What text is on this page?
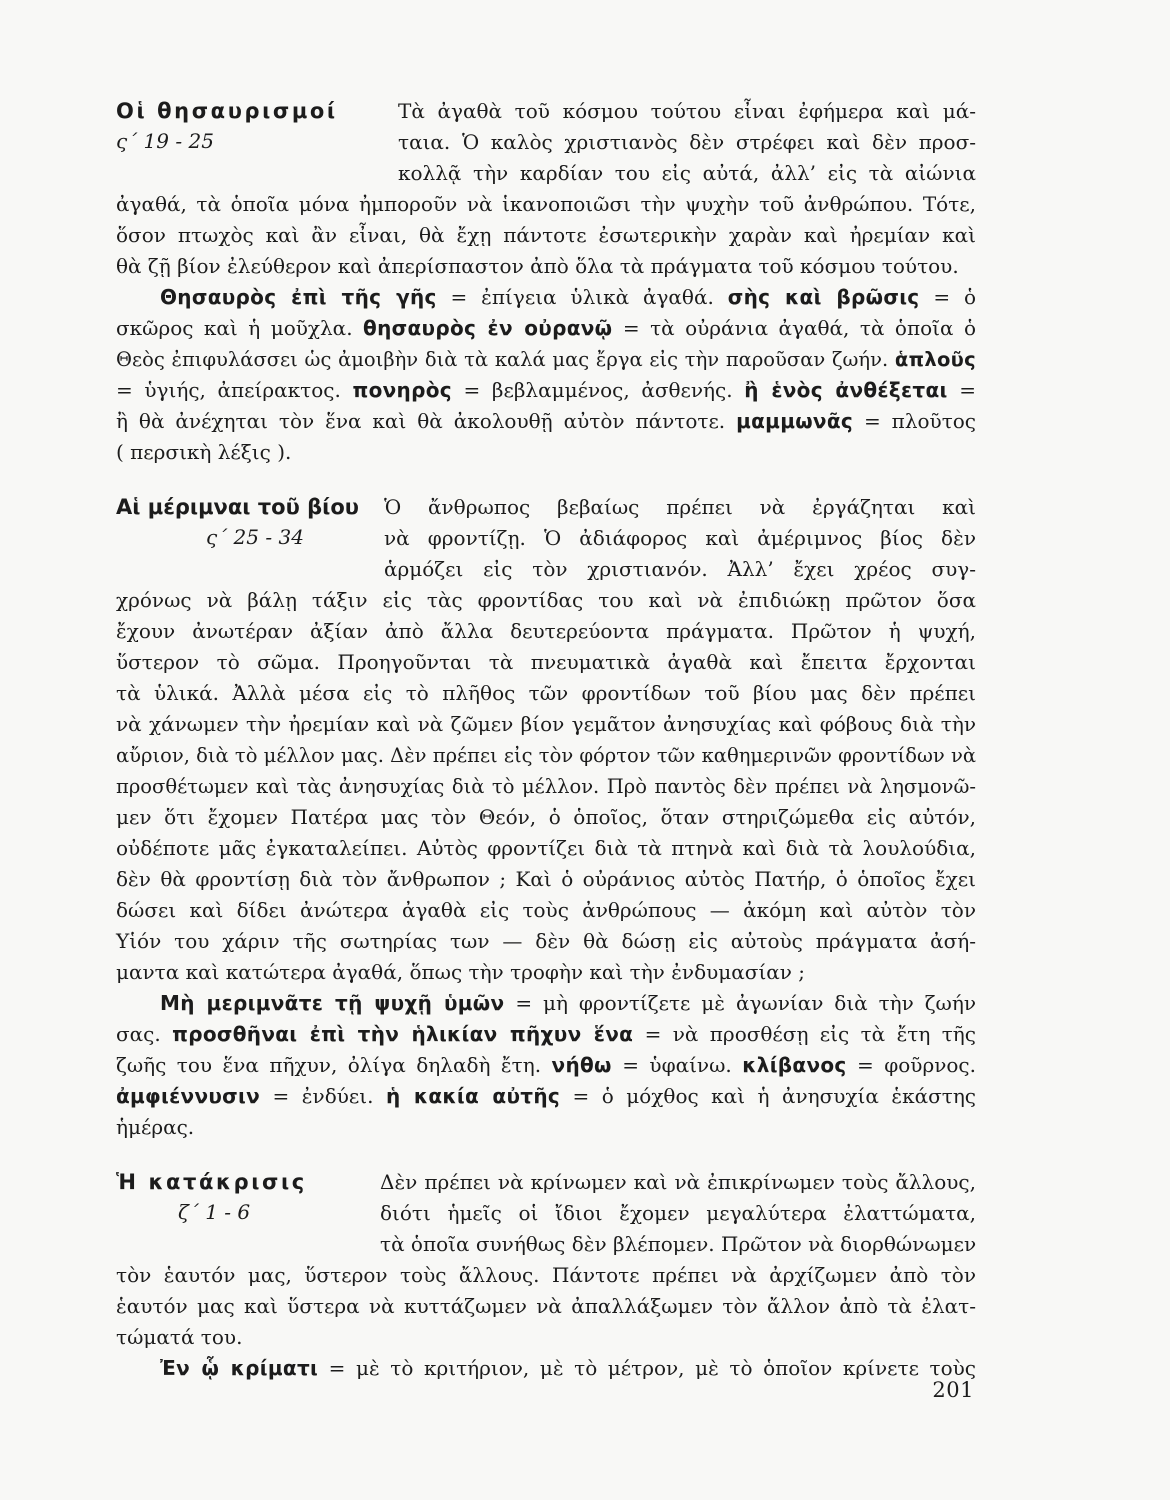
Οἱ θησαυρισμοί
ς΄ 19 - 25
Τὰ ἀγαθὰ τοῦ κόσμου τούτου εἶναι ἐφήμερα καὶ μά-
ταια. Ὁ καλὸς χριστιανὸς δὲν στρέφει καὶ δὲν προσ-
κολλᾷ τὴν καρδίαν του εἰς αὐτά, ἀλλ’ εἰς τὰ αἰώνια
ἀγαθά, τὰ ὁποῖα μόνα ἠμποροῦν νὰ ἱκανοποιῶσι τὴν ψυχὴν τοῦ ἀνθρώπου. Τότε,
ὅσον πτωχὸς καὶ ἂν εἶναι, θὰ ἔχῃ πάντοτε ἐσωτερικὴν χαρὰν καὶ ἠρεμίαν καὶ
θὰ ζῇ βίον ἐλεύθερον καὶ ἀπερίσπαστον ἀπὸ ὅλα τὰ πράγματα τοῦ κόσμου τούτου.
Θησαυρὸς ἐπὶ τῆς γῆς = ἐπίγεια ὑλικὰ ἀγαθά. σὴς καὶ βρῶσις = ὁ
σκῶρος καὶ ἡ μοῦχλα. θησαυρὸς ἐν οὐρανῷ = τὰ οὐράνια ἀγαθά, τὰ ὁποῖα ὁ
Θεὸς ἐπιφυλάσσει ὡς ἀμοιβὴν διὰ τὰ καλά μας ἔργα εἰς τὴν παροῦσαν ζωήν. ἁπλοῦς
= ὑγιής, ἀπείρακτος. πονηρὸς = βεβλαμμένος, ἀσθενής. ἢ ἑνὸς ἀνθέξεται =
ἢ θὰ ἀνέχηται τὸν ἕνα καὶ θὰ ἀκολουθῇ αὐτὸν πάντοτε. μαμμωνᾶς = πλοῦτος
( περσικὴ λέξις ).
Αἱ μέριμναι τοῦ βίου
ς΄ 25 - 34
Ὁ ἄνθρωπος βεβαίως πρέπει νὰ ἐργάζηται καὶ
νὰ φροντίζῃ. Ὁ ἀδιάφορος καὶ ἀμέριμνος βίος δὲν
ἁρμόζει εἰς τὸν χριστιανόν. Ἀλλ’ ἔχει χρέος συγ-
χρόνως νὰ βάλῃ τάξιν εἰς τὰς φροντίδας του καὶ νὰ ἐπιδιώκῃ πρῶτον ὅσα
ἔχουν ἀνωτέραν ἀξίαν ἀπὸ ἄλλα δευτερεύοντα πράγματα. Πρῶτον ἡ ψυχή,
ὕστερον τὸ σῶμα. Προηγοῦνται τὰ πνευματικὰ ἀγαθὰ καὶ ἔπειτα ἔρχονται
τὰ ὑλικά. Ἀλλὰ μέσα εἰς τὸ πλῆθος τῶν φροντίδων τοῦ βίου μας δὲν πρέπει
νὰ χάνωμεν τὴν ἠρεμίαν καὶ νὰ ζῶμεν βίον γεμᾶτον ἀνησυχίας καὶ φόβους διὰ τὴν
αὔριον, διὰ τὸ μέλλον μας. Δὲν πρέπει εἰς τὸν φόρτον τῶν καθημερινῶν φροντίδων νὰ
προσθέτωμεν καὶ τὰς ἀνησυχίας διὰ τὸ μέλλον. Πρὸ παντὸς δὲν πρέπει νὰ λησμονῶ-
μεν ὅτι ἔχομεν Πατέρα μας τὸν Θεόν, ὁ ὁποῖος, ὅταν στηριζώμεθα εἰς αὐτόν,
οὐδέποτε μᾶς ἐγκαταλείπει. Αὐτὸς φροντίζει διὰ τὰ πτηνὰ καὶ διὰ τὰ λουλούδια,
δὲν θὰ φροντίσῃ διὰ τὸν ἄνθρωπον ; Καὶ ὁ οὐράνιος αὐτὸς Πατήρ, ὁ ὁποῖος ἔχει
δώσει καὶ δίδει ἀνώτερα ἀγαθὰ εἰς τοὺς ἀνθρώπους — ἀκόμη καὶ αὐτὸν τὸν
Υἱόν του χάριν τῆς σωτηρίας των — δὲν θὰ δώσῃ εἰς αὐτοὺς πράγματα ἀσή-
μαντα καὶ κατώτερα ἀγαθά, ὅπως τὴν τροφὴν καὶ τὴν ἐνδυμασίαν ;
Μὴ μεριμνᾶτε τῇ ψυχῇ ὑμῶν = μὴ φροντίζετε μὲ ἀγωνίαν διὰ τὴν ζωήν
σας. προσθῆναι ἐπὶ τὴν ἡλικίαν πῆχυν ἕνα = νὰ προσθέσῃ εἰς τὰ ἔτη τῆς
ζωῆς του ἕνα πῆχυν, ὀλίγα δηλαδὴ ἔτη. νήθω = ὑφαίνω. κλίβανος = φοῦρνος.
ἀμφιέννυσιν = ἐνδύει. ἡ κακία αὐτῆς = ὁ μόχθος καὶ ἡ ἀνησυχία ἑκάστης
ἡμέρας.
Ἡ κατάκρισις
ζ΄ 1 - 6
Δὲν πρέπει νὰ κρίνωμεν καὶ νὰ ἐπικρίνωμεν τοὺς ἄλλους,
διότι ἡμεῖς οἱ ἴδιοι ἔχομεν μεγαλύτερα ἐλαττώματα,
τὰ ὁποῖα συνήθως δὲν βλέπομεν. Πρῶτον νὰ διορθώνωμεν
τὸν ἑαυτόν μας, ὕστερον τοὺς ἄλλους. Πάντοτε πρέπει νὰ ἀρχίζωμεν ἀπὸ τὸν
ἑαυτόν μας καὶ ὕστερα νὰ κυττάζωμεν νὰ ἀπαλλάξωμεν τὸν ἄλλον ἀπὸ τὰ ἐλατ-
τώματά του.
Ἐν ᾧ κρίματι = μὲ τὸ κριτήριον, μὲ τὸ μέτρον, μὲ τὸ ὁποῖον κρίνετε τοὺς
201
